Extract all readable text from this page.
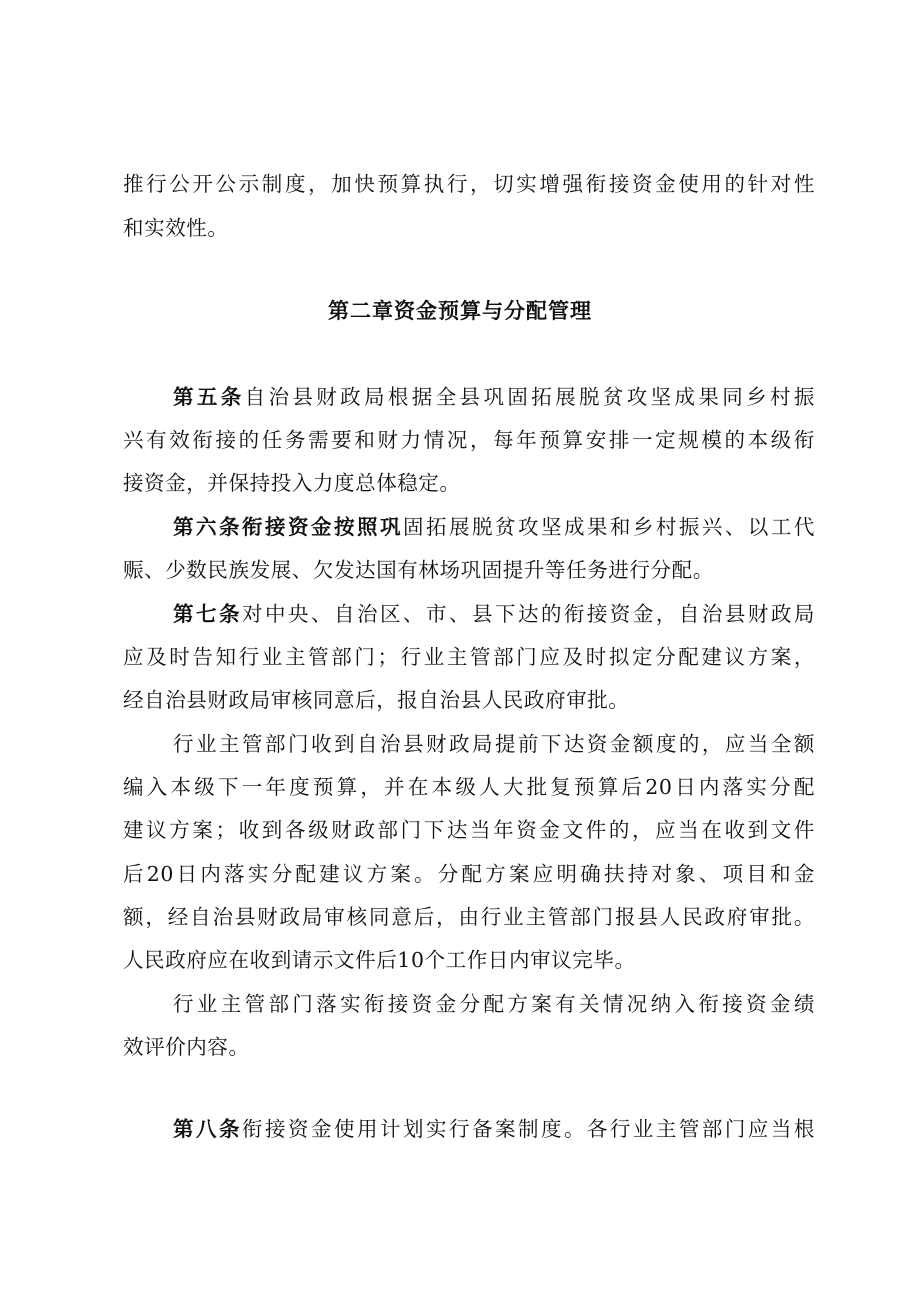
推行公开公示制度，加快预算执行，切实增强衔接资金使用的针对性
和实效性。
第二章资金预算与分配管理
第五条自治县财政局根据全县巩固拓展脱贫攻坚成果同乡村振
兴有效衔接的任务需要和财力情况，每年预算安排一定规模的本级衔
接资金，并保持投入力度总体稳定。
第六条衔接资金按照巩固拓展脱贫攻坚成果和乡村振兴、以工代
赈、少数民族发展、欠发达国有林场巩固提升等任务进行分配。
第七条对中央、自治区、市、县下达的衔接资金，自治县财政局
应及时告知行业主管部门；行业主管部门应及时拟定分配建议方案，
经自治县财政局审核同意后，报自治县人民政府审批。
行业主管部门收到自治县财政局提前下达资金额度的，应当全额
编入本级下一年度预算，并在本级人大批复预算后20日内落实分配
建议方案；收到各级财政部门下达当年资金文件的，应当在收到文件
后20日内落实分配建议方案。分配方案应明确扶持对象、项目和金
额，经自治县财政局审核同意后，由行业主管部门报县人民政府审批。
人民政府应在收到请示文件后10个工作日内审议完毕。
行业主管部门落实衔接资金分配方案有关情况纳入衔接资金绩
效评价内容。
第八条衔接资金使用计划实行备案制度。各行业主管部门应当根
